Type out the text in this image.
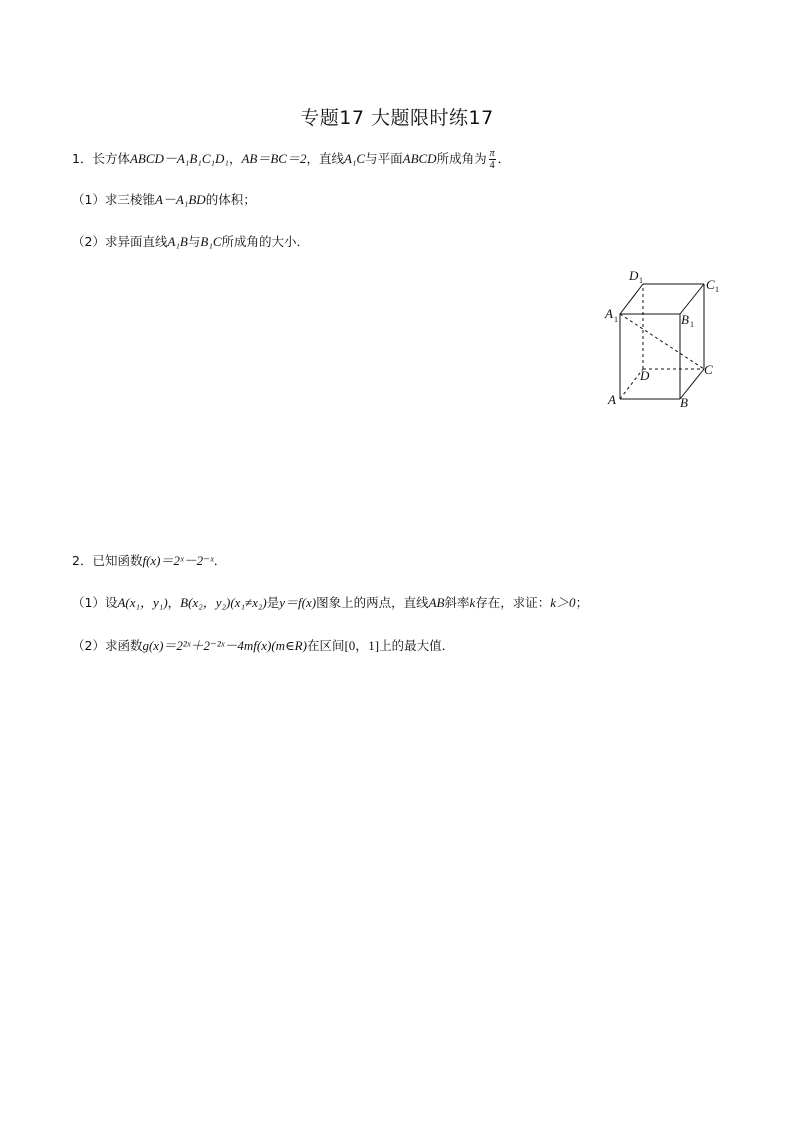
专题17 大题限时练17
1．长方体ABCD－A₁B₁C₁D₁，AB＝BC＝2，直线A₁C与平面ABCD所成角为 $\frac{\pi}{4}$ ．
（1）求三棱锥A－A₁BD的体积；
（2）求异面直线A₁B与B₁C所成角的大小．
A	B
C
D
A 1	B 1
C 1
D 1
2．已知函数f(x)＝2ˣ－2⁻ˣ．
（1）设A(x₁，y₁)，B(x₂，y₂)(x₁≠x₂)是y＝f(x)图象上的两点，直线AB斜率k存在，求证：k＞0；
（2）求函数g(x)＝2²ˣ＋2⁻²ˣ－4mf(x)(m∈R)在区间[0，1]上的最大值．
